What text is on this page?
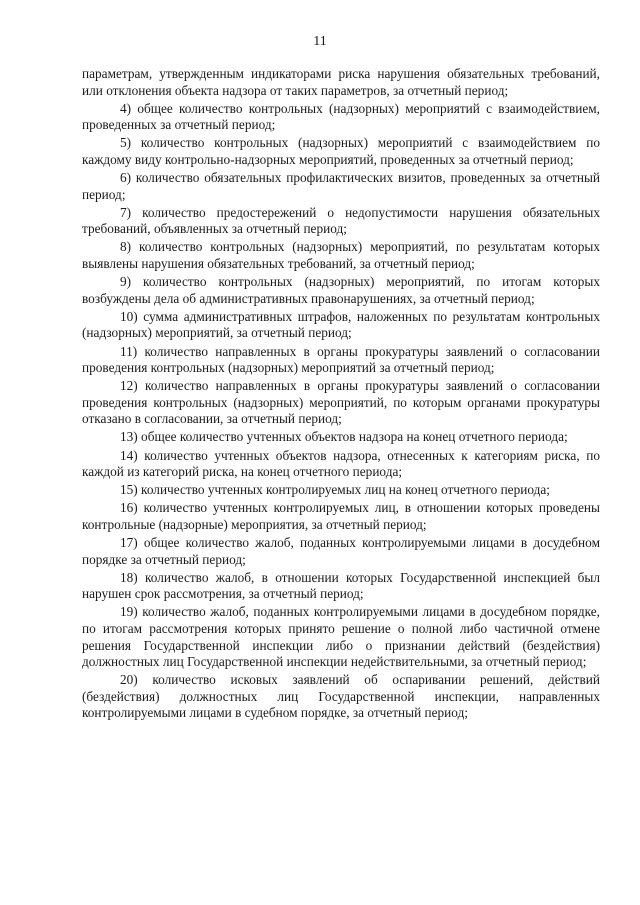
11

параметрам, утвержденным индикаторами риска нарушения обязательных требований, или отклонения объекта надзора от таких параметров, за отчетный период;

4) общее количество контрольных (надзорных) мероприятий с взаимодействием, проведенных за отчетный период;

5) количество контрольных (надзорных) мероприятий с взаимодействием по каждому виду контрольно-надзорных мероприятий, проведенных за отчетный период;

6) количество обязательных профилактических визитов, проведенных за отчетный период;

7) количество предостережений о недопустимости нарушения обязательных требований, объявленных за отчетный период;

8) количество контрольных (надзорных) мероприятий, по результатам которых выявлены нарушения обязательных требований, за отчетный период;

9) количество контрольных (надзорных) мероприятий, по итогам которых возбуждены дела об административных правонарушениях, за отчетный период;

10) сумма административных штрафов, наложенных по результатам контрольных (надзорных) мероприятий, за отчетный период;

11) количество направленных в органы прокуратуры заявлений о согласовании проведения контрольных (надзорных) мероприятий за отчетный период;

12) количество направленных в органы прокуратуры заявлений о согласовании проведения контрольных (надзорных) мероприятий, по которым органами прокуратуры отказано в согласовании, за отчетный период;

13) общее количество учтенных объектов надзора на конец отчетного периода;

14) количество учтенных объектов надзора, отнесенных к категориям риска, по каждой из категорий риска, на конец отчетного периода;

15) количество учтенных контролируемых лиц на конец отчетного периода;

16) количество учтенных контролируемых лиц, в отношении которых проведены контрольные (надзорные) мероприятия, за отчетный период;

17) общее количество жалоб, поданных контролируемыми лицами в досудебном порядке за отчетный период;

18) количество жалоб, в отношении которых Государственной инспекцией был нарушен срок рассмотрения, за отчетный период;

19) количество жалоб, поданных контролируемыми лицами в досудебном порядке, по итогам рассмотрения которых принято решение о полной либо частичной отмене решения Государственной инспекции либо о признании действий (бездействия) должностных лиц Государственной инспекции недействительными, за отчетный период;

20) количество исковых заявлений об оспаривании решений, действий (бездействия) должностных лиц Государственной инспекции, направленных контролируемыми лицами в судебном порядке, за отчетный период;
